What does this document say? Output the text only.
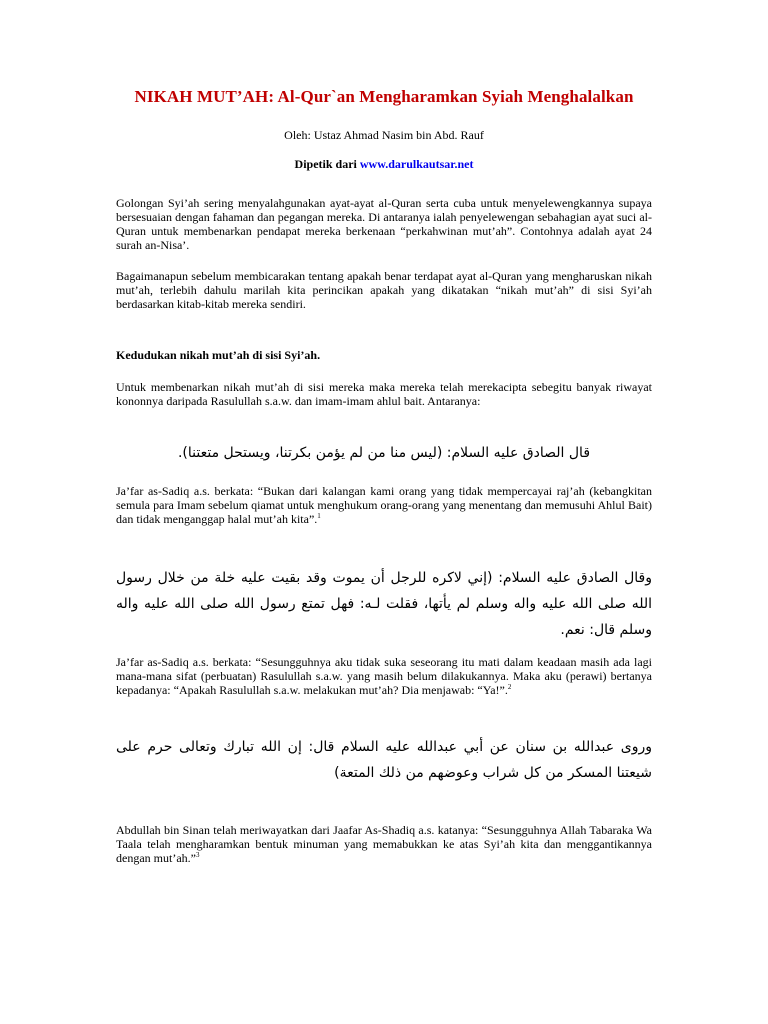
NIKAH MUT’AH: Al-Qur`an Mengharamkan Syiah Menghalalkan
Oleh: Ustaz Ahmad Nasim bin Abd. Rauf
Dipetik dari www.darulkautsar.net
Golongan Syi’ah sering menyalahgunakan ayat-ayat al-Quran serta cuba untuk menyelewengkannya supaya bersesuaian dengan fahaman dan pegangan mereka. Di antaranya ialah penyelewengan sebahagian ayat suci al-Quran untuk membenarkan pendapat mereka berkenaan “perkahwinan mut’ah”. Contohnya adalah ayat 24 surah an-Nisa’.
Bagaimanapun sebelum membicarakan tentang apakah benar terdapat ayat al-Quran yang mengharuskan nikah mut’ah, terlebih dahulu marilah kita perincikan apakah yang dikatakan “nikah mut’ah” di sisi Syi’ah berdasarkan kitab-kitab mereka sendiri.
Kedudukan nikah mut’ah di sisi Syi’ah.
Untuk membenarkan nikah mut’ah di sisi mereka maka mereka telah merekacipta sebegitu banyak riwayat kononnya daripada Rasulullah s.a.w. dan imam-imam ahlul bait. Antaranya:
قال الصادق عليه السلام: (ليس منا من لم يؤمن بكرتنا، ويستحل متعتنا).
Ja’far as-Sadiq a.s. berkata: “Bukan dari kalangan kami orang yang tidak mempercayai raj’ah (kebangkitan semula para Imam sebelum qiamat untuk menghukum orang-orang yang menentang dan memusuhi Ahlul Bait) dan tidak menganggap halal mut’ah kita”.$^1$
وقال الصادق عليه السلام: (إني لاكره للرجل أن يموت وقد بقيت عليه خلة من خلال رسول الله صلى الله عليه واله وسلم لم يأتها، فقلت لـه: فهل تمتع رسول الله صلى الله عليه واله وسلم قال: نعم.
Ja’far as-Sadiq a.s. berkata: “Sesungguhnya aku tidak suka seseorang itu mati dalam keadaan masih ada lagi mana-mana sifat (perbuatan) Rasulullah s.a.w. yang masih belum dilakukannya. Maka aku (perawi) bertanya kepadanya: “Apakah Rasulullah s.a.w. melakukan mut’ah? Dia menjawab: “Ya!”.$^2$
وروى عبدالله بن سنان عن أبي عبدالله عليه السلام قال: إن الله تبارك وتعالى حرم على شيعتنا المسكر من كل شراب وعوضهم من ذلك المتعة)
Abdullah bin Sinan telah meriwayatkan dari Jaafar As-Shadiq a.s. katanya: “Sesungguhnya Allah Tabaraka Wa Taala telah mengharamkan bentuk minuman yang memabukkan ke atas Syi’ah kita dan menggantikannya dengan mut’ah.”$^3$
